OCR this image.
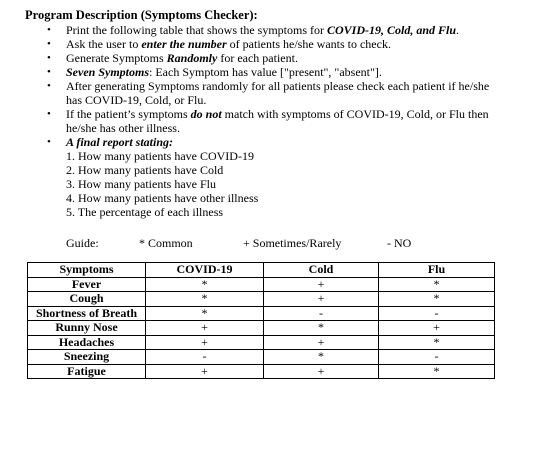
Program Description (Symptoms Checker):
• Print the following table that shows the symptoms for COVID-19, Cold, and Flu.
• Ask the user to enter the number of patients he/she wants to check.
• Generate Symptoms Randomly for each patient.
• Seven Symptoms: Each Symptom has value ["present", "absent"].
• After generating Symptoms randomly for all patients please check each patient if he/she has COVID-19, Cold, or Flu.
• If the patient’s symptoms do not match with symptoms of COVID-19, Cold, or Flu then he/she has other illness.
• A final report stating:
1. How many patients have COVID-19
2. How many patients have Cold
3. How many patients have Flu
4. How many patients have other illness
5. The percentage of each illness
Guide:	* Common	+ Sometimes/Rarely	- NO
Symptoms	COVID-19	Cold	Flu
Fever	*	+	*
Cough	*	+	*
Shortness of Breath	*	-	-
Runny Nose	+	*	+
Headaches	+	+	*
Sneezing	-	*	-
Fatigue	+	+	*
